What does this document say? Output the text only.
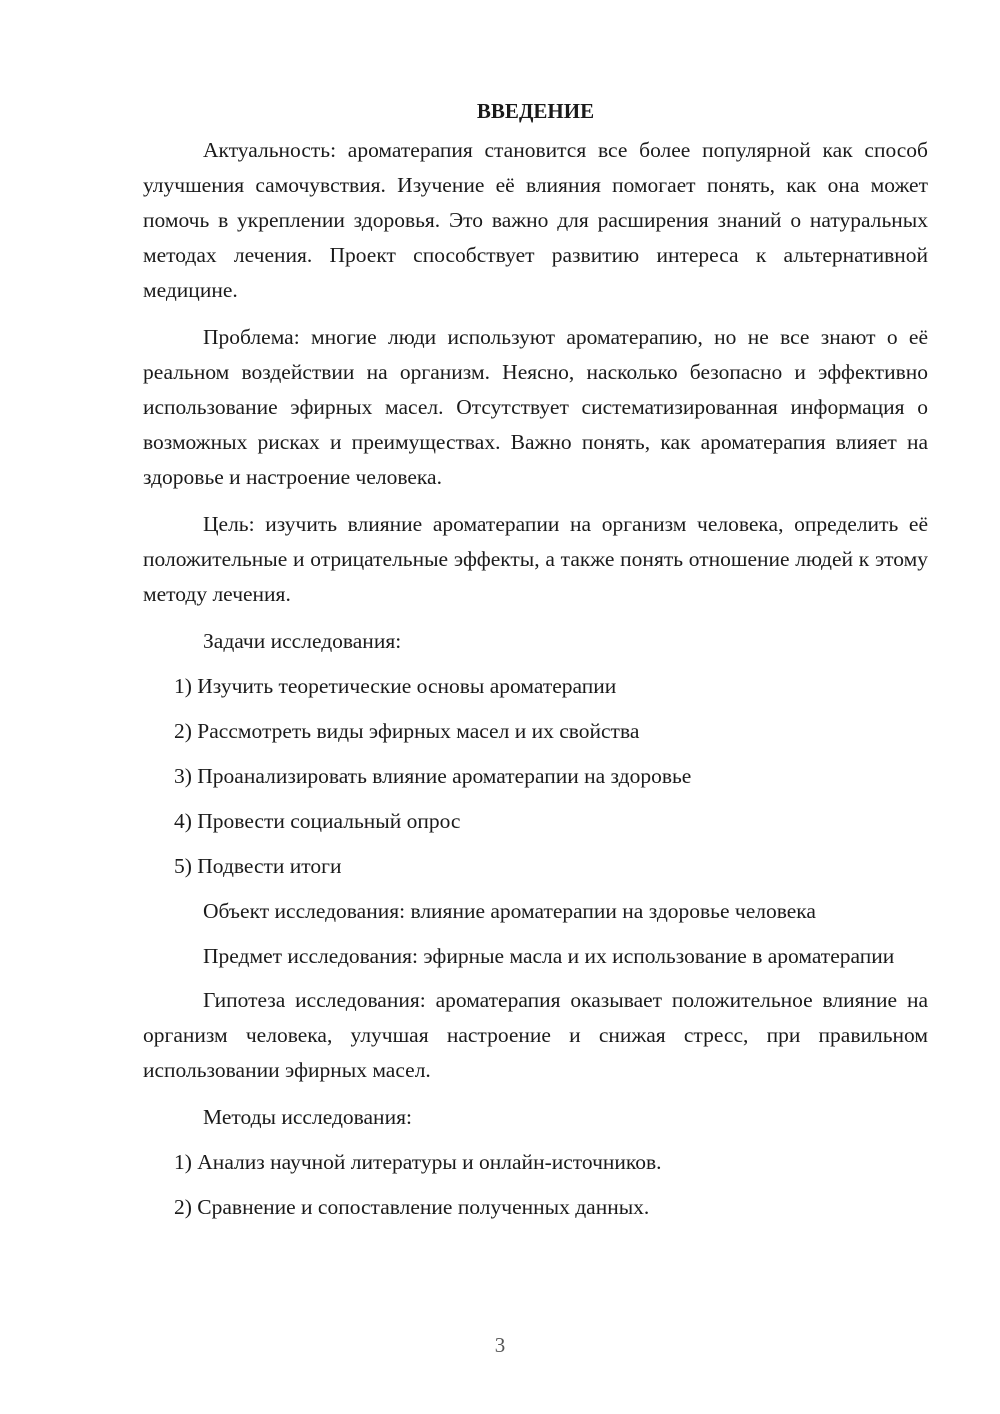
ВВЕДЕНИЕ

Актуальность: ароматерапия становится все более популярной как способ улучшения самочувствия. Изучение её влияния помогает понять, как она может помочь в укреплении здоровья. Это важно для расширения знаний о натуральных методах лечения. Проект способствует развитию интереса к альтернативной медицине.

Проблема: многие люди используют ароматерапию, но не все знают о её реальном воздействии на организм. Неясно, насколько безопасно и эффективно использование эфирных масел. Отсутствует систематизированная информация о возможных рисках и преимуществах. Важно понять, как ароматерапия влияет на здоровье и настроение человека.

Цель: изучить влияние ароматерапии на организм человека, определить её положительные и отрицательные эффекты, а также понять отношение людей к этому методу лечения.

Задачи исследования:

1) Изучить теоретические основы ароматерапии
2) Рассмотреть виды эфирных масел и их свойства
3) Проанализировать влияние ароматерапии на здоровье
4) Провести социальный опрос
5) Подвести итоги

Объект исследования: влияние ароматерапии на здоровье человека

Предмет исследования: эфирные масла и их использование в ароматерапии

Гипотеза исследования: ароматерапия оказывает положительное влияние на организм человека, улучшая настроение и снижая стресс, при правильном использовании эфирных масел.

Методы исследования:

1) Анализ научной литературы и онлайн-источников.
2) Сравнение и сопоставление полученных данных.
3
